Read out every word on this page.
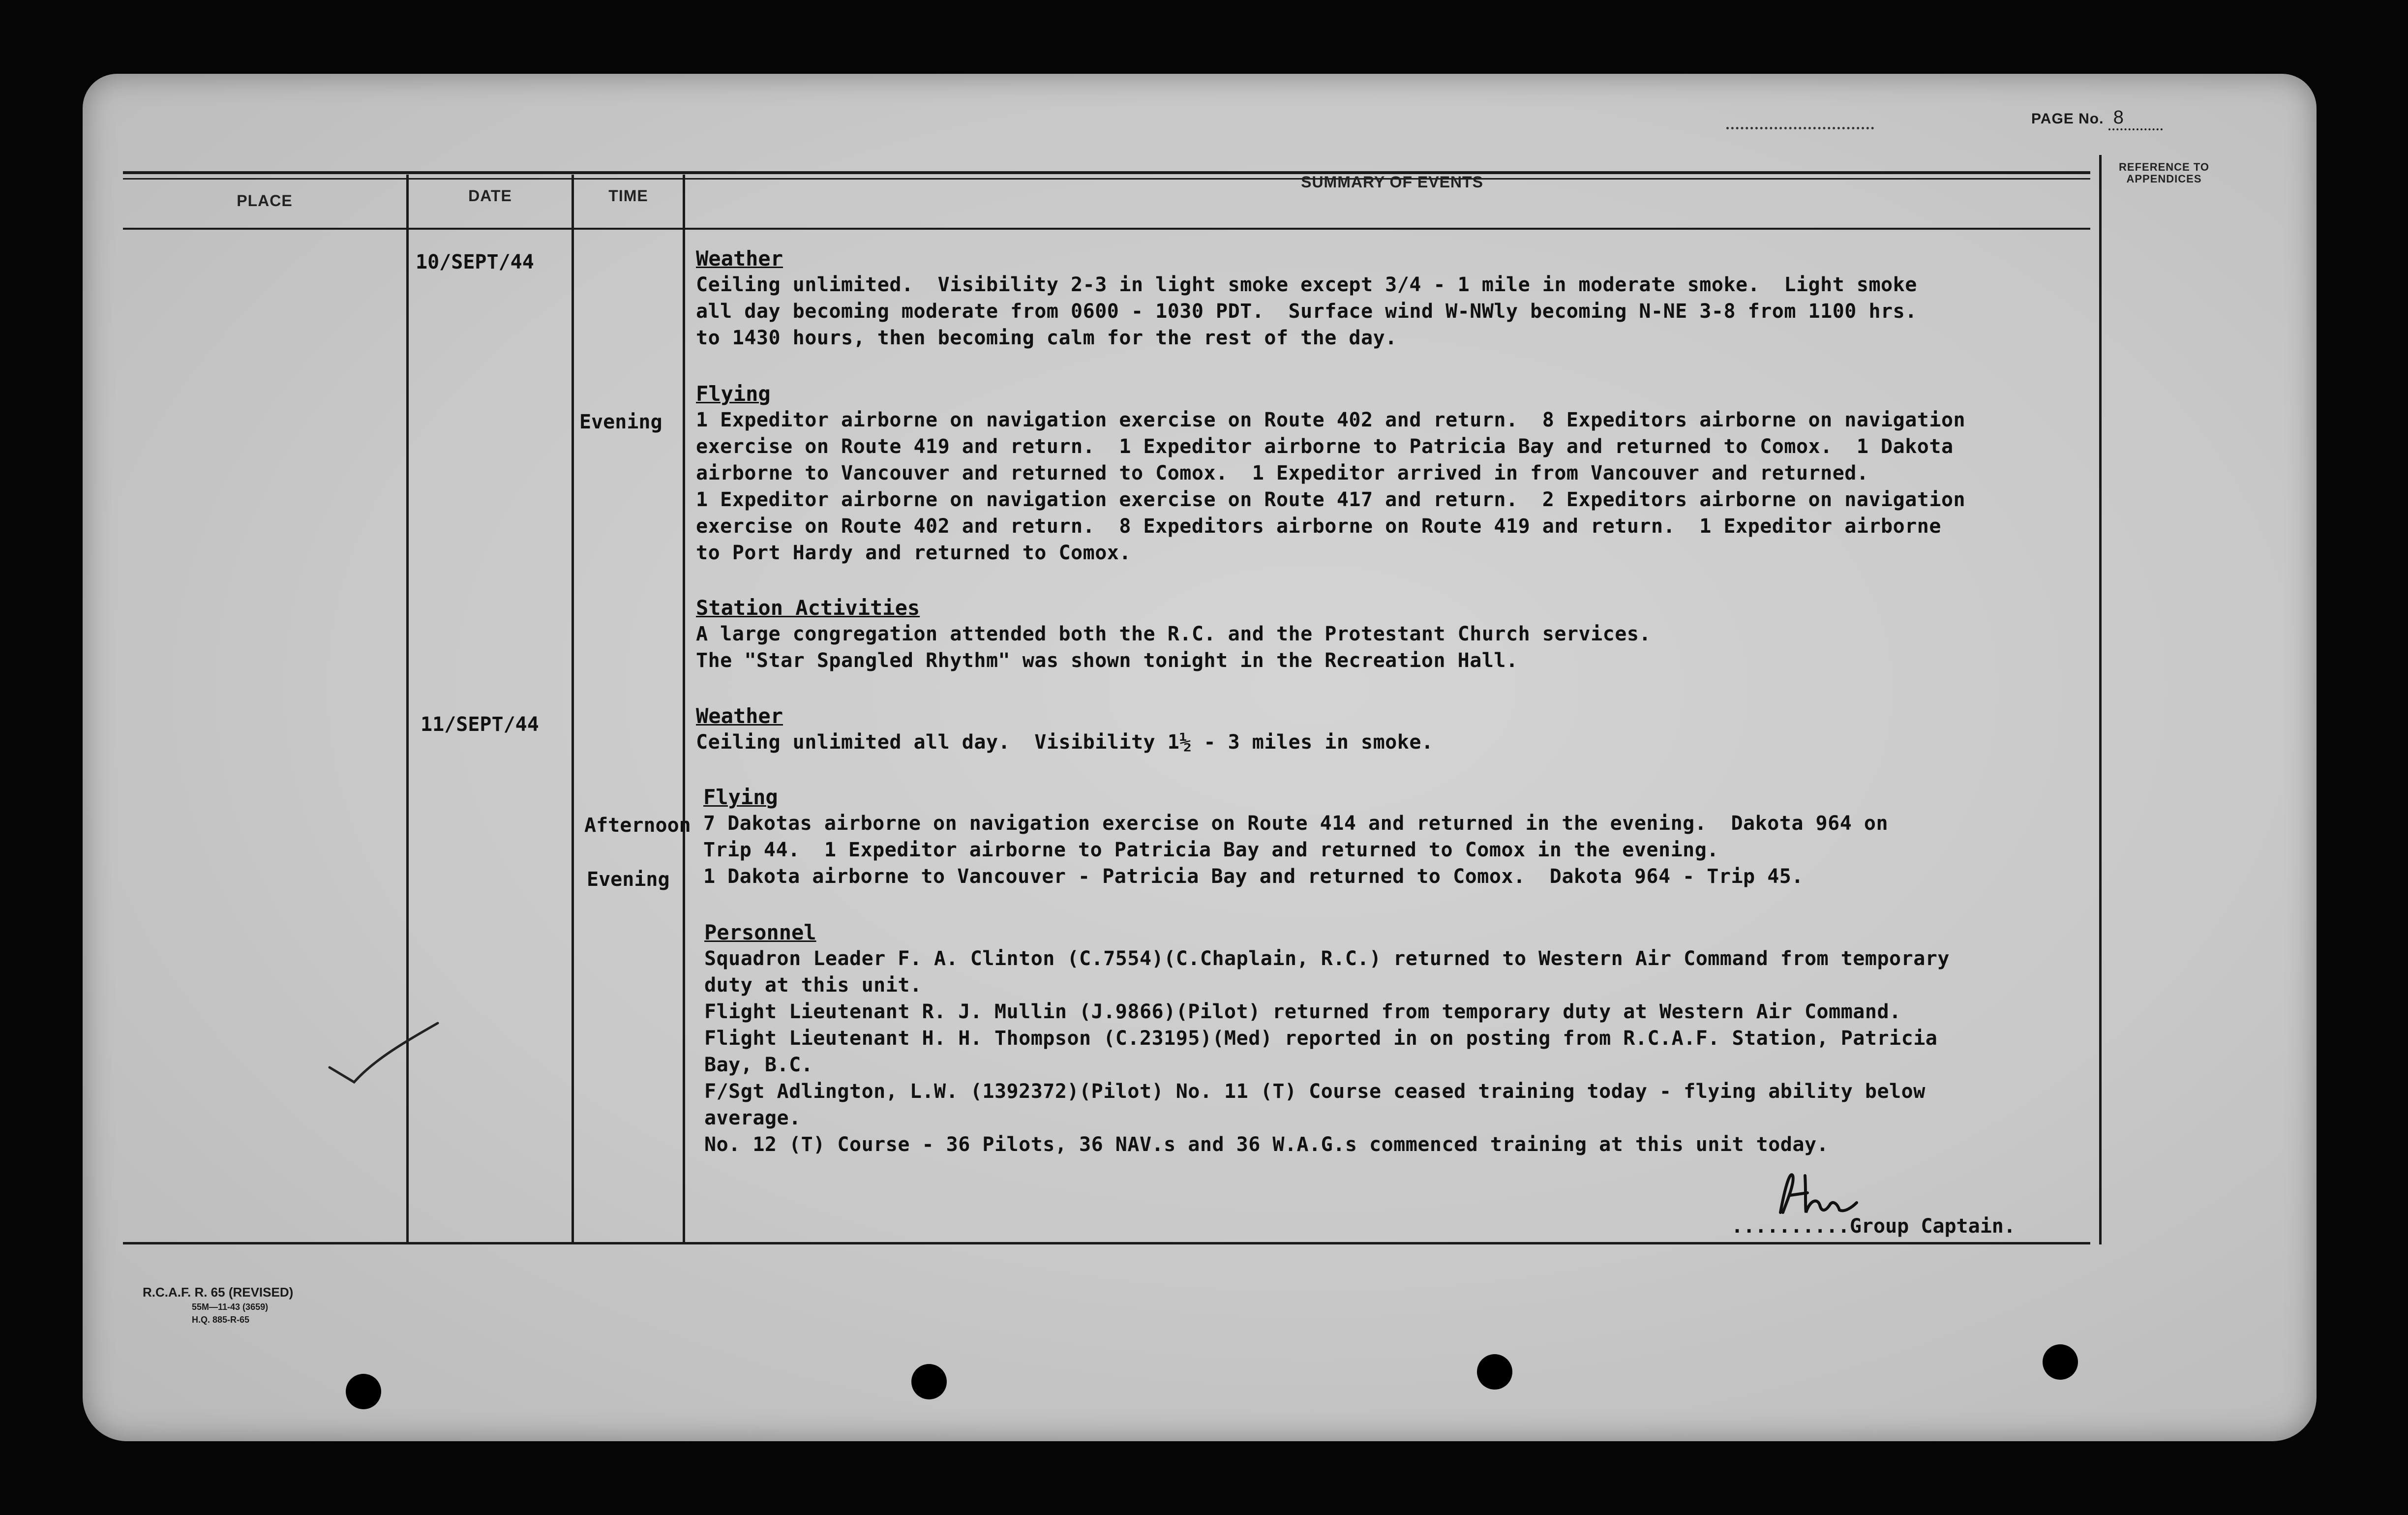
PAGE No. 8
PLACE	DATE	TIME
SUMMARY OF EVENTS
REFERENCE TO APPENDICES
10/SEPT/44
11/SEPT/44
Evening
Afternoon
Evening

Weather

Ceiling unlimited.  Visibility 2-3 in light smoke except 3/4 - 1 mile in moderate smoke.  Light smoke

all day becoming moderate from 0600 - 1030 PDT.  Surface wind W-NWly becoming N-NE 3-8 from 1100 hrs.

to 1430 hours, then becoming calm for the rest of the day.

Flying

1 Expeditor airborne on navigation exercise on Route 402 and return.  8 Expeditors airborne on navigation

exercise on Route 419 and return.  1 Expeditor airborne to Patricia Bay and returned to Comox.  1 Dakota

airborne to Vancouver and returned to Comox.  1 Expeditor arrived in from Vancouver and returned.

1 Expeditor airborne on navigation exercise on Route 417 and return.  2 Expeditors airborne on navigation

exercise on Route 402 and return.  8 Expeditors airborne on Route 419 and return.  1 Expeditor airborne

to Port Hardy and returned to Comox.

Station Activities

A large congregation attended both the R.C. and the Protestant Church services.

The "Star Spangled Rhythm" was shown tonight in the Recreation Hall.

Weather

Ceiling unlimited all day.  Visibility 1½ - 3 miles in smoke.

Flying

7 Dakotas airborne on navigation exercise on Route 414 and returned in the evening.  Dakota 964 on

Trip 44.  1 Expeditor airborne to Patricia Bay and returned to Comox in the evening.

1 Dakota airborne to Vancouver - Patricia Bay and returned to Comox.  Dakota 964 - Trip 45.

Personnel

Squadron Leader F. A. Clinton (C.7554)(C.Chaplain, R.C.) returned to Western Air Command from temporary

duty at this unit.

Flight Lieutenant R. J. Mullin (J.9866)(Pilot) returned from temporary duty at Western Air Command.

Flight Lieutenant H. H. Thompson (C.23195)(Med) reported in on posting from R.C.A.F. Station, Patricia

Bay, B.C.

F/Sgt Adlington, L.W. (1392372)(Pilot) No. 11 (T) Course ceased training today - flying ability below

average.

No. 12 (T) Course - 36 Pilots, 36 NAV.s and 36 W.A.G.s commenced training at this unit today.

..........Group Captain.
R.C.A.F. R. 65 (REVISED)
55M—11-43 (3659)
H.Q. 885-R-65
